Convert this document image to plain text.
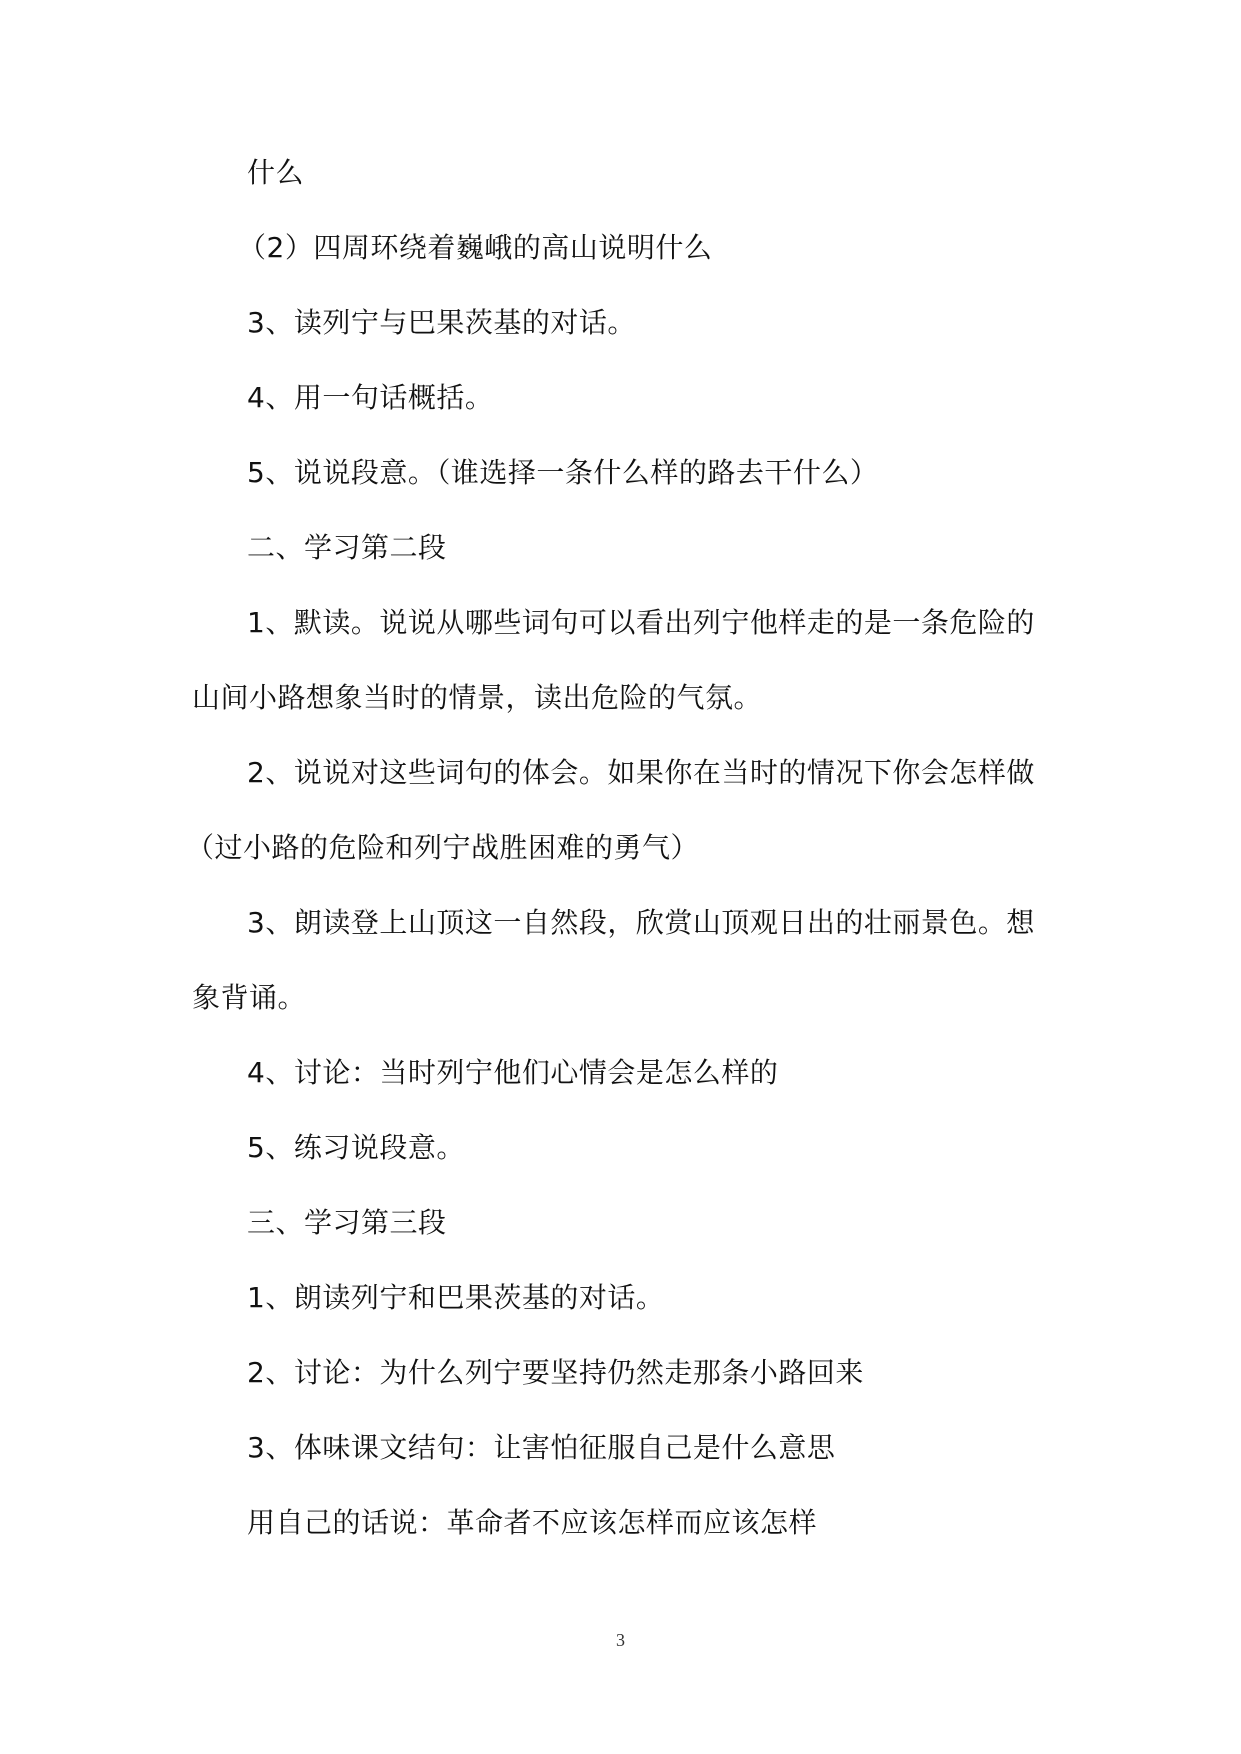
什么
（2）四周环绕着巍峨的高山说明什么
3、读列宁与巴果茨基的对话。
4、用一句话概括。
5、说说段意。（谁选择一条什么样的路去干什么）
二、学习第二段
1、默读。说说从哪些词句可以看出列宁他样走的是一条危险的
山间小路想象当时的情景，读出危险的气氛。
2、说说对这些词句的体会。如果你在当时的情况下你会怎样做
（过小路的危险和列宁战胜困难的勇气）
3、朗读登上山顶这一自然段，欣赏山顶观日出的壮丽景色。想
象背诵。
4、讨论：当时列宁他们心情会是怎么样的
5、练习说段意。
三、学习第三段
1、朗读列宁和巴果茨基的对话。
2、讨论：为什么列宁要坚持仍然走那条小路回来
3、体味课文结句：让害怕征服自己是什么意思
用自己的话说：革命者不应该怎样而应该怎样
3
